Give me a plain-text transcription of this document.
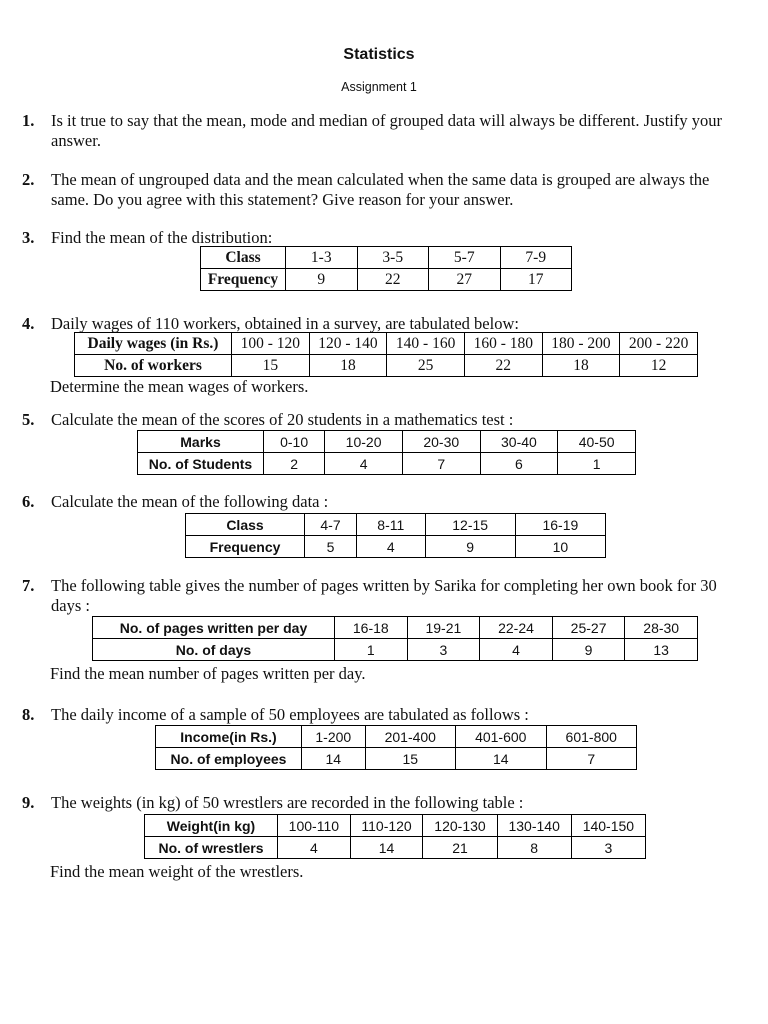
Statistics
Assignment 1
1. Is it true to say that the mean, mode and median of grouped data will always be different. Justify your answer.
2. The mean of ungrouped data and the mean calculated when the same data is grouped are always the same. Do you agree with this statement? Give reason for your answer.
3. Find the mean of the distribution:
Class	1-3	3-5	5-7	7-9
Frequency	9	22	27	17
4. Daily wages of 110 workers, obtained in a survey, are tabulated below:
Daily wages (in Rs.)	100 - 120	120 - 140	140 - 160	160 - 180	180 - 200	200 - 220
No. of workers	15	18	25	22	18	12
Determine the mean wages of workers.
5. Calculate the mean of the scores of 20 students in a mathematics test :
Marks	0-10	10-20	20-30	30-40	40-50
No. of Students	2	4	7	6	1
6. Calculate the mean of the following data :
Class	4-7	8-11	12-15	16-19
Frequency	5	4	9	10
7. The following table gives the number of pages written by Sarika for completing her own book for 30 days :
No. of pages written per day	16-18	19-21	22-24	25-27	28-30
No. of days	1	3	4	9	13
Find the mean number of pages written per day.
8. The daily income of a sample of 50 employees are tabulated as follows :
Income(in Rs.)	1-200	201-400	401-600	601-800
No. of employees	14	15	14	7
9. The weights (in kg) of 50 wrestlers are recorded in the following table :
Weight(in kg)	100-110	110-120	120-130	130-140	140-150
No. of wrestlers	4	14	21	8	3
Find the mean weight of the wrestlers.
